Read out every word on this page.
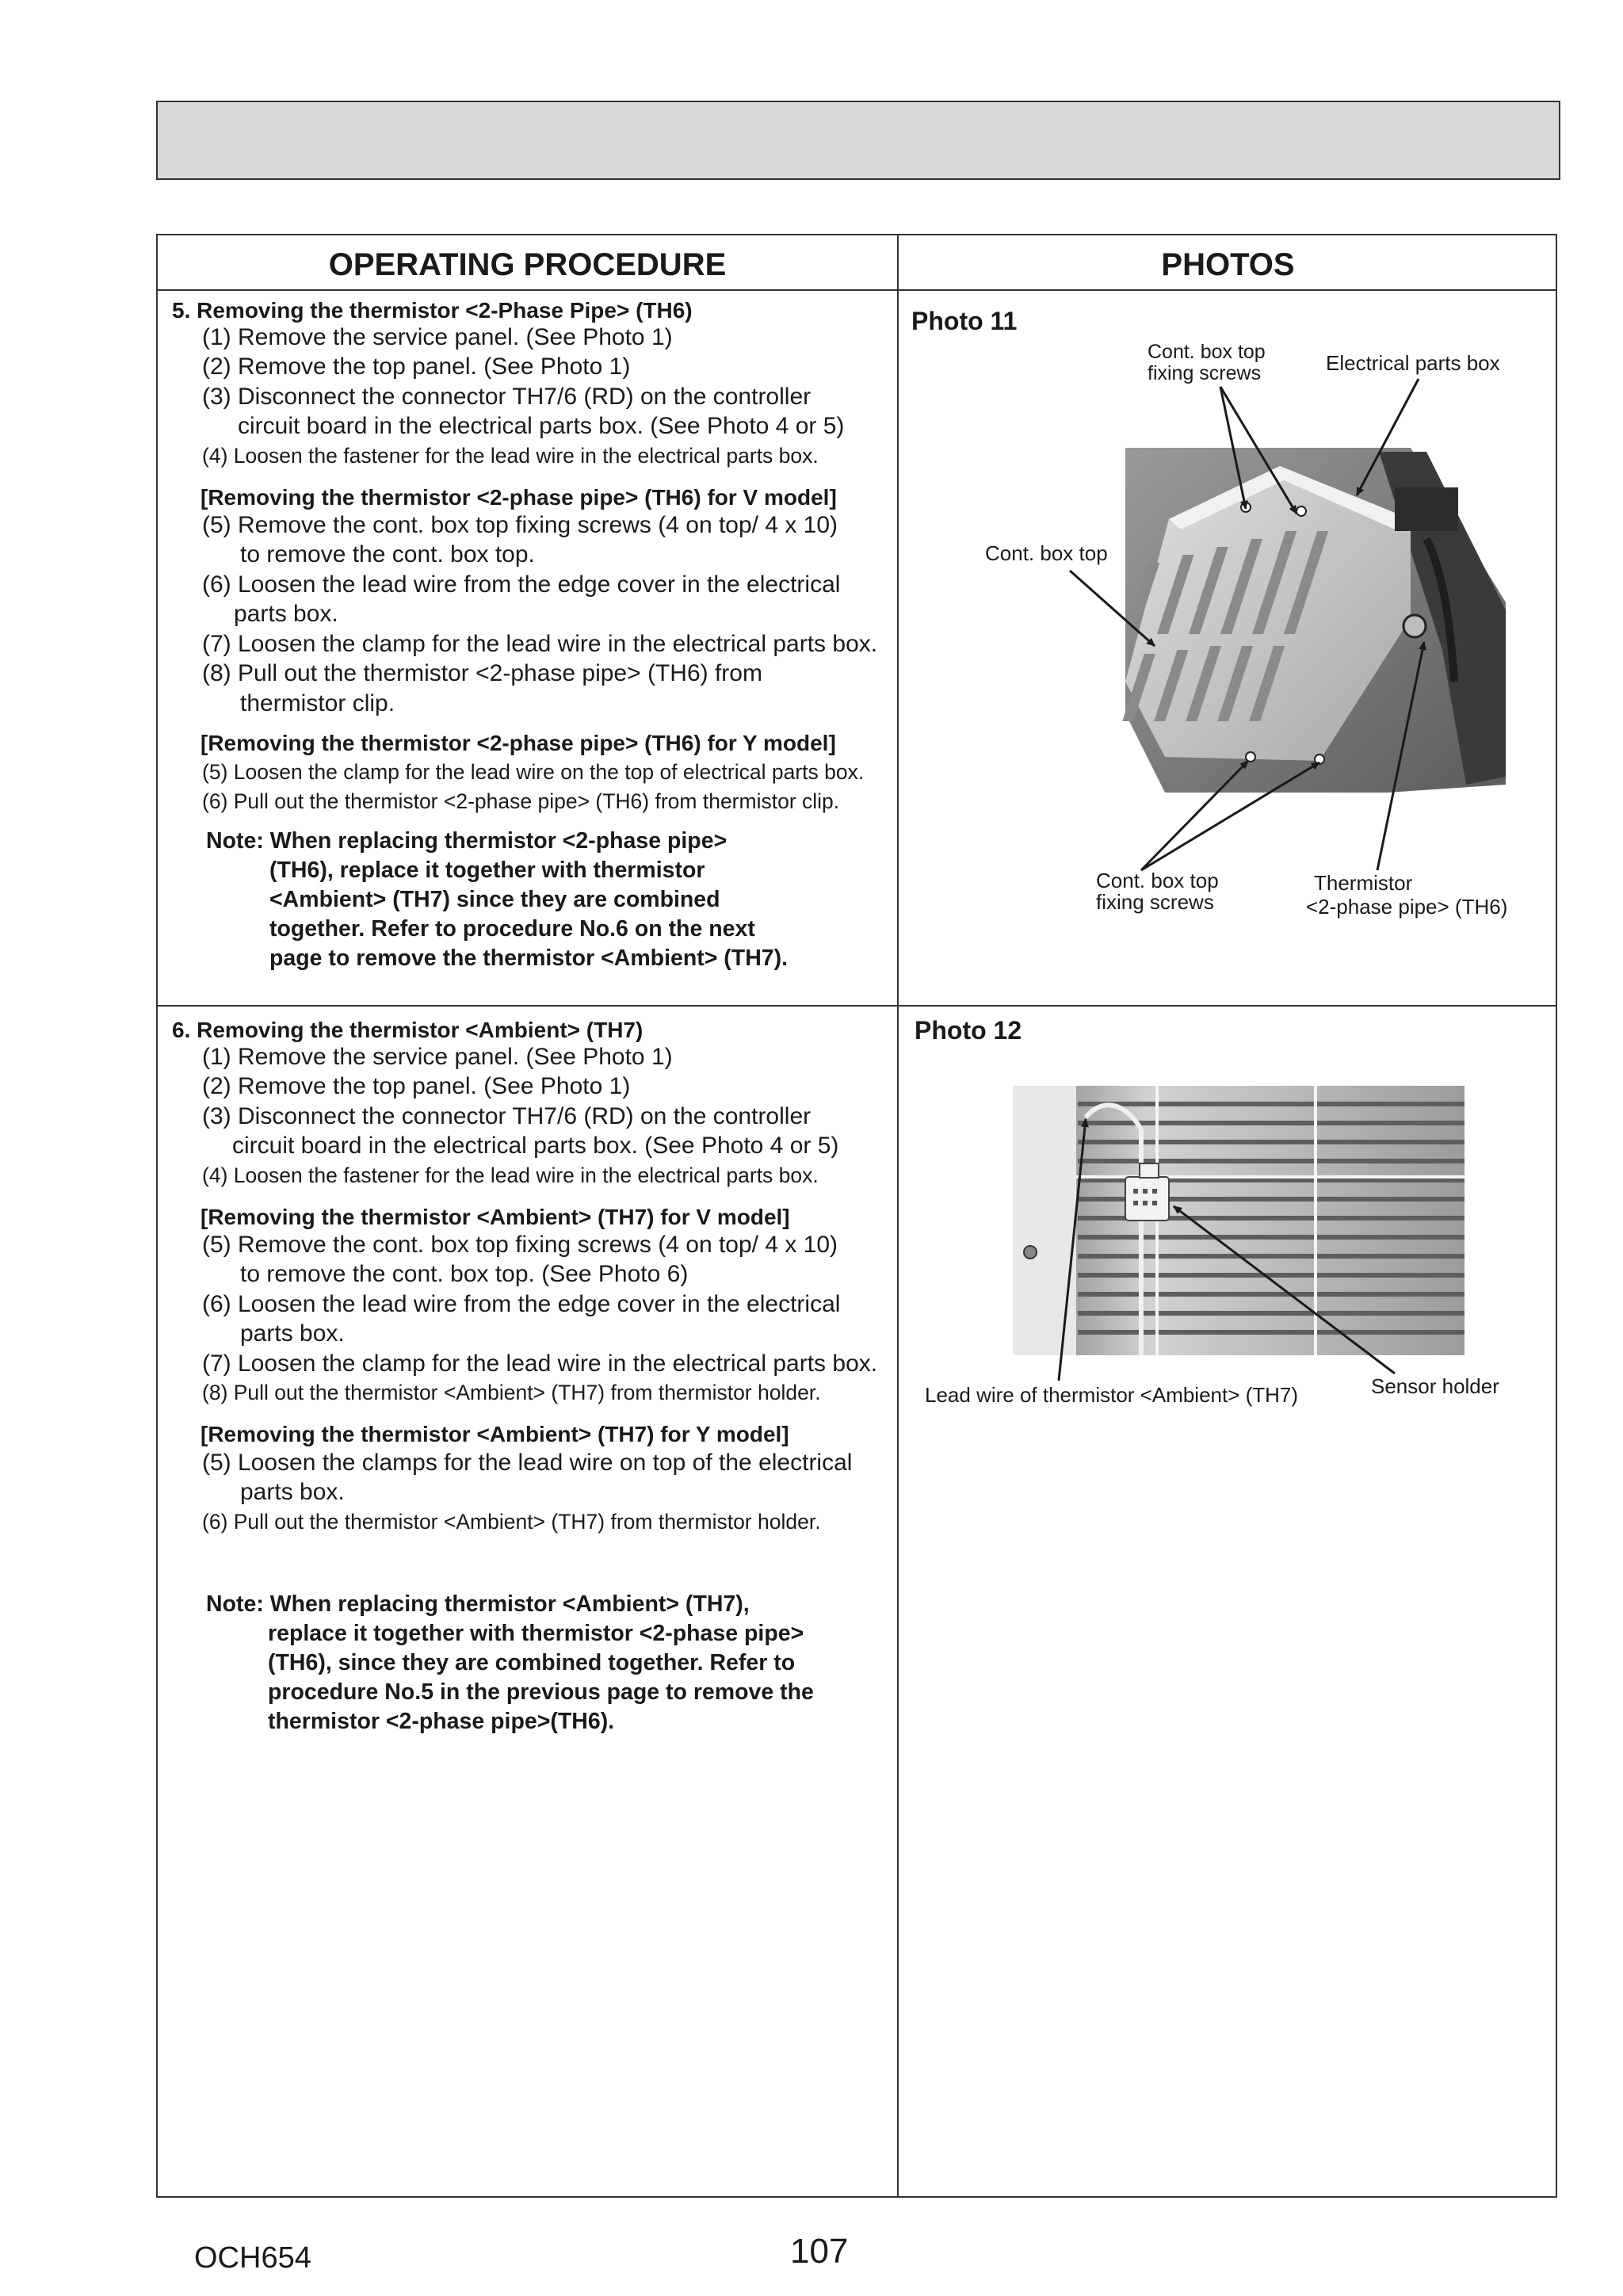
OPERATING PROCEDURE	PHOTOS
5. Removing the thermistor <2-Phase Pipe> (TH6)
(1) Remove the service panel. (See Photo 1)
(2) Remove the top panel. (See Photo 1)
(3) Disconnect the connector TH7/6 (RD) on the controller
circuit board in the electrical parts box. (See Photo 4 or 5)
(4) Loosen the fastener for the lead wire in the electrical parts box.
[Removing the thermistor <2-phase pipe> (TH6) for V model]
(5) Remove the cont. box top fixing screws (4 on top/ 4 x 10)
to remove the cont. box top.
(6) Loosen the lead wire from the edge cover in the electrical
parts box.
(7) Loosen the clamp for the lead wire in the electrical parts box.
(8) Pull out the thermistor <2-phase pipe> (TH6) from
thermistor clip.
[Removing the thermistor <2-phase pipe> (TH6) for Y model]
(5) Loosen the clamp for the lead wire on the top of electrical parts box.
(6) Pull out the thermistor <2-phase pipe> (TH6) from thermistor clip.
Note: When replacing thermistor <2-phase pipe>
(TH6), replace it together with thermistor
<Ambient> (TH7) since they are combined
together. Refer to procedure No.6 on the next
page to remove the thermistor <Ambient> (TH7).
6. Removing the thermistor <Ambient> (TH7)
(1) Remove the service panel. (See Photo 1)
(2) Remove the top panel. (See Photo 1)
(3) Disconnect the connector TH7/6 (RD) on the controller
circuit board in the electrical parts box. (See Photo 4 or 5)
(4) Loosen the fastener for the lead wire in the electrical parts box.
[Removing the thermistor <Ambient> (TH7) for V model]
(5) Remove the cont. box top fixing screws (4 on top/ 4 x 10)
to remove the cont. box top. (See Photo 6)
(6) Loosen the lead wire from the edge cover in the electrical
parts box.
(7) Loosen the clamp for the lead wire in the electrical parts box.
(8) Pull out the thermistor <Ambient> (TH7) from thermistor holder.
[Removing the thermistor <Ambient> (TH7) for Y model]
(5) Loosen the clamps for the lead wire on top of the electrical
parts box.
(6) Pull out the thermistor <Ambient> (TH7) from thermistor holder.
Note: When replacing thermistor <Ambient> (TH7),
replace it together with thermistor <2-phase pipe>
(TH6), since they are combined together. Refer to
procedure No.5 in the previous page to remove the
thermistor <2-phase pipe>(TH6).
Photo 11
Cont. box top
fixing screws	Electrical parts box
Cont. box top
Cont. box top
fixing screws
Thermistor
<2-phase pipe> (TH6)
Photo 12
Lead wire of thermistor <Ambient> (TH7)	Sensor holder
OCH654	107
